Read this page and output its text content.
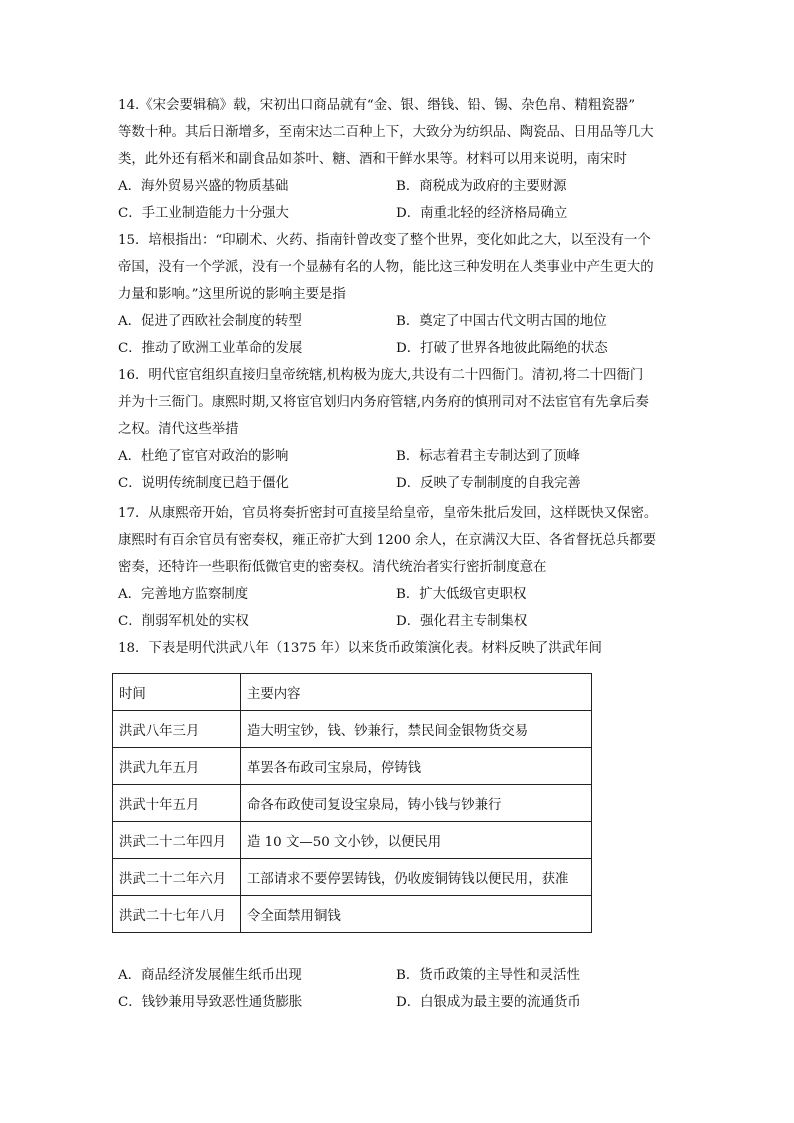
14.《宋会要辑稿》载，宋初出口商品就有“金、银、缗钱、铅、锡、杂色帛、精粗瓷器”
等数十种。其后日渐增多，至南宋达二百种上下，大致分为纺织品、陶瓷品、日用品等几大
类，此外还有稻米和副食品如茶叶、糖、酒和干鲜水果等。材料可以用来说明，南宋时
A．海外贸易兴盛的物质基础	B．商税成为政府的主要财源
C．手工业制造能力十分强大	D．南重北轻的经济格局确立
15．培根指出：“印刷术、火药、指南针曾改变了整个世界，变化如此之大，以至没有一个
帝国，没有一个学派，没有一个显赫有名的人物，能比这三种发明在人类事业中产生更大的
力量和影响。”这里所说的影响主要是指
A．促进了西欧社会制度的转型	B．奠定了中国古代文明古国的地位
C．推动了欧洲工业革命的发展	D．打破了世界各地彼此隔绝的状态
16．明代宦官组织直接归皇帝统辖,机构极为庞大,共设有二十四衙门。清初,将二十四衙门
并为十三衙门。康熙时期,又将宦官划归内务府管辖,内务府的慎刑司对不法宦官有先拿后奏
之权。清代这些举措
A．杜绝了宦官对政治的影响	B．标志着君主专制达到了顶峰
C．说明传统制度已趋于僵化	D．反映了专制制度的自我完善
17．从康熙帝开始，官员将奏折密封可直接呈给皇帝，皇帝朱批后发回，这样既快又保密。
康熙时有百余官员有密奏权，雍正帝扩大到 1200 余人，在京满汉大臣、各省督抚总兵都要
密奏，还特许一些职衔低微官吏的密奏权。清代统治者实行密折制度意在
A．完善地方监察制度	B．扩大低级官吏职权
C．削弱军机处的实权	D．强化君主专制集权
18．下表是明代洪武八年（1375 年）以来货币政策演化表。材料反映了洪武年间
时间	主要内容
洪武八年三月	造大明宝钞，钱、钞兼行，禁民间金银物货交易
洪武九年五月	革罢各布政司宝泉局，停铸钱
洪武十年五月	命各布政使司复设宝泉局，铸小钱与钞兼行
洪武二十二年四月	造 10 文—50 文小钞，以便民用
洪武二十二年六月	工部请求不要停罢铸钱，仍收废铜铸钱以便民用，获准
洪武二十七年八月	令全面禁用铜钱
A．商品经济发展催生纸币出现	B．货币政策的主导性和灵活性
C．钱钞兼用导致恶性通货膨胀	D．白银成为最主要的流通货币
